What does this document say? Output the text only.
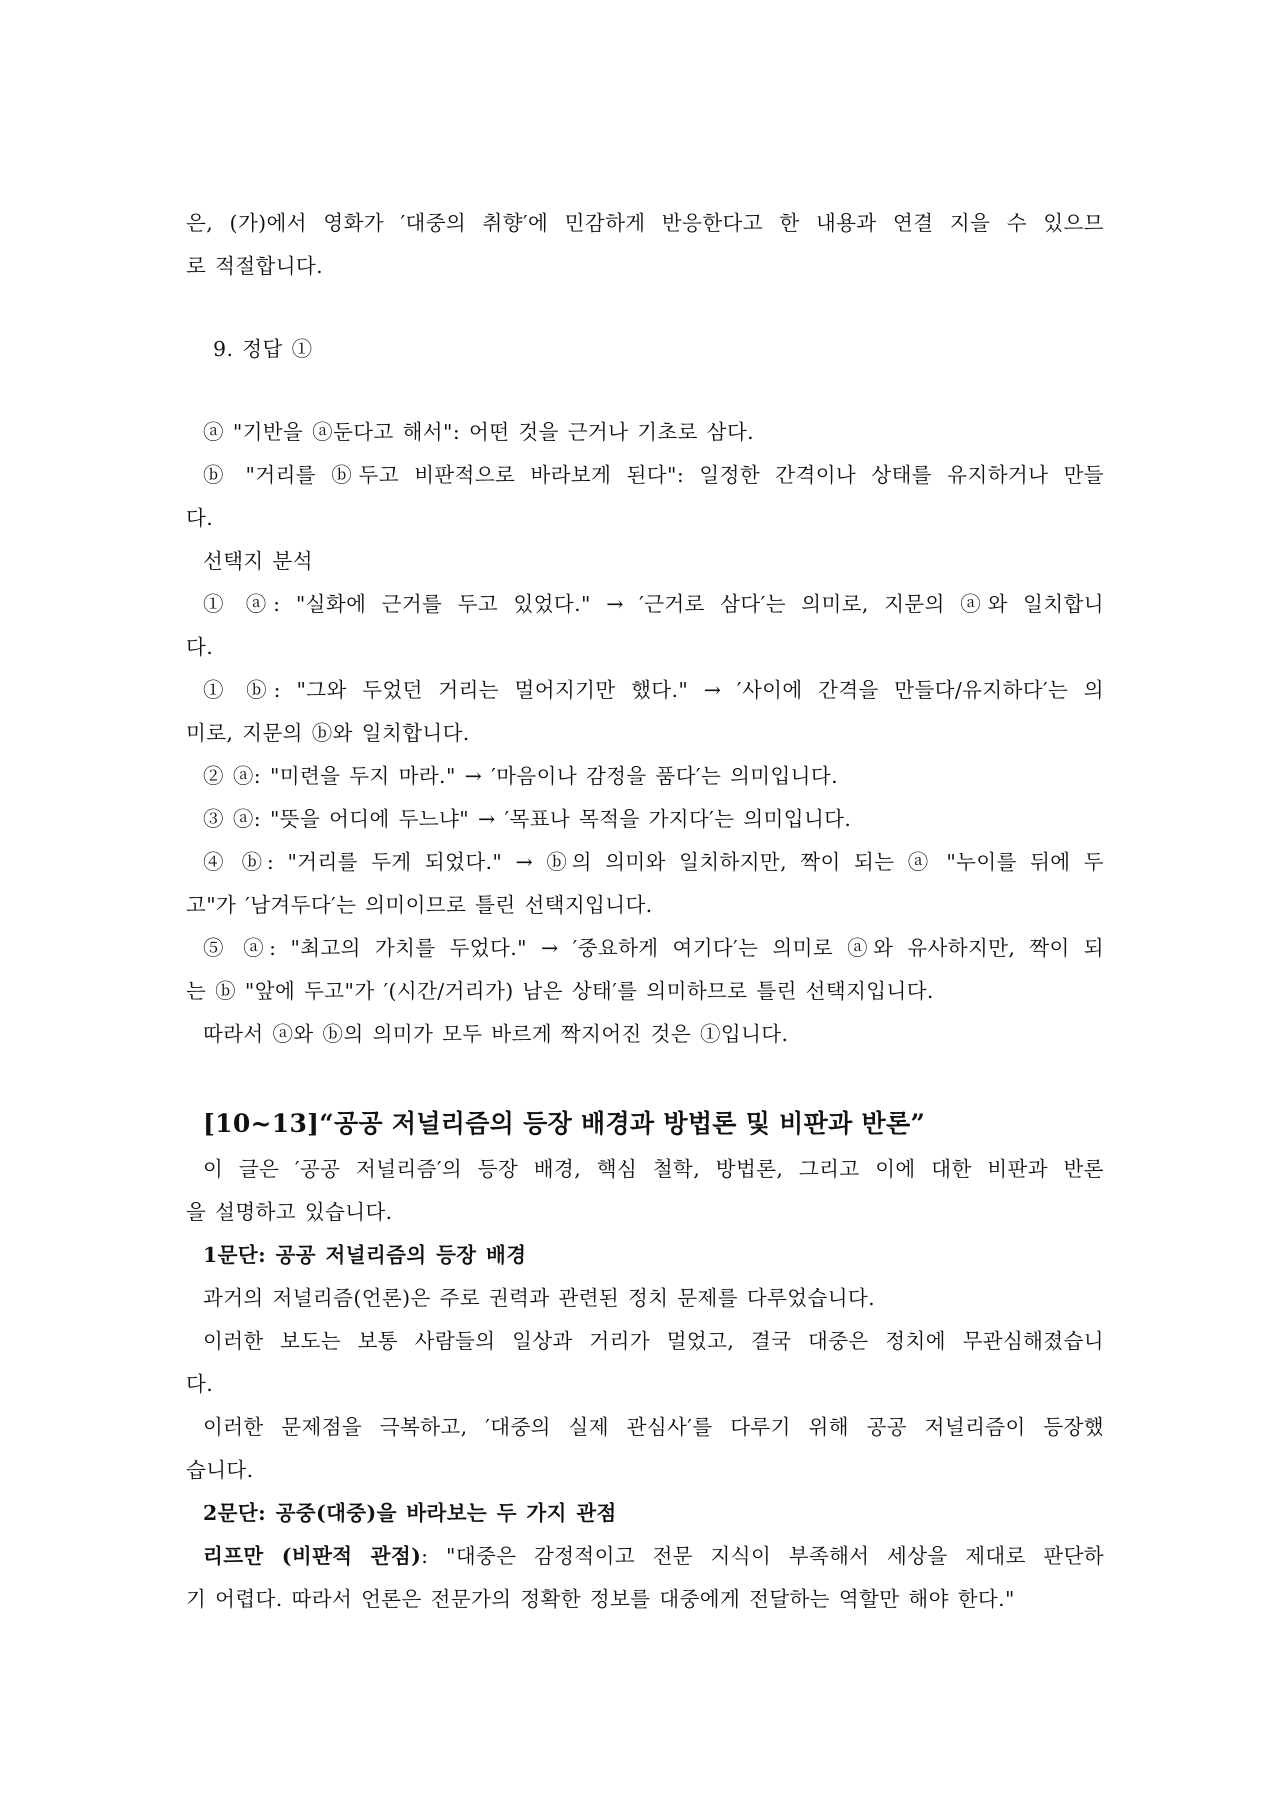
은, (가)에서 영화가 ′대중의 취향′에 민감하게 반응한다고 한 내용과 연결 지을 수 있으므
로 적절합니다.
9. 정답 ①
ⓐ "기반을 ⓐ둔다고 해서": 어떤 것을 근거나 기초로 삼다.
ⓑ "거리를 ⓑ두고 비판적으로 바라보게 된다": 일정한 간격이나 상태를 유지하거나 만들
다.
선택지 분석
① ⓐ: "실화에 근거를 두고 있었다." → ′근거로 삼다′는 의미로, 지문의 ⓐ와 일치합니
다.
① ⓑ: "그와 두었던 거리는 멀어지기만 했다." → ′사이에 간격을 만들다/유지하다′는 의
미로, 지문의 ⓑ와 일치합니다.
② ⓐ: "미련을 두지 마라." → ′마음이나 감정을 품다′는 의미입니다.
③ ⓐ: "뜻을 어디에 두느냐" → ′목표나 목적을 가지다′는 의미입니다.
④ ⓑ: "거리를 두게 되었다." → ⓑ의 의미와 일치하지만, 짝이 되는 ⓐ "누이를 뒤에 두
고"가 ′남겨두다′는 의미이므로 틀린 선택지입니다.
⑤ ⓐ: "최고의 가치를 두었다." → ′중요하게 여기다′는 의미로 ⓐ와 유사하지만, 짝이 되
는 ⓑ "앞에 두고"가 ′(시간/거리가) 남은 상태′를 의미하므로 틀린 선택지입니다.
따라서 ⓐ와 ⓑ의 의미가 모두 바르게 짝지어진 것은 ①입니다.
[10~13]“공공 저널리즘의 등장 배경과 방법론 및 비판과 반론”
이 글은 ′공공 저널리즘′의 등장 배경, 핵심 철학, 방법론, 그리고 이에 대한 비판과 반론
을 설명하고 있습니다.
1문단: 공공 저널리즘의 등장 배경
과거의 저널리즘(언론)은 주로 권력과 관련된 정치 문제를 다루었습니다.
이러한 보도는 보통 사람들의 일상과 거리가 멀었고, 결국 대중은 정치에 무관심해졌습니
다.
이러한 문제점을 극복하고, ′대중의 실제 관심사′를 다루기 위해 공공 저널리즘이 등장했
습니다.
2문단: 공중(대중)을 바라보는 두 가지 관점
리프만 (비판적 관점): "대중은 감정적이고 전문 지식이 부족해서 세상을 제대로 판단하
기 어렵다. 따라서 언론은 전문가의 정확한 정보를 대중에게 전달하는 역할만 해야 한다."
